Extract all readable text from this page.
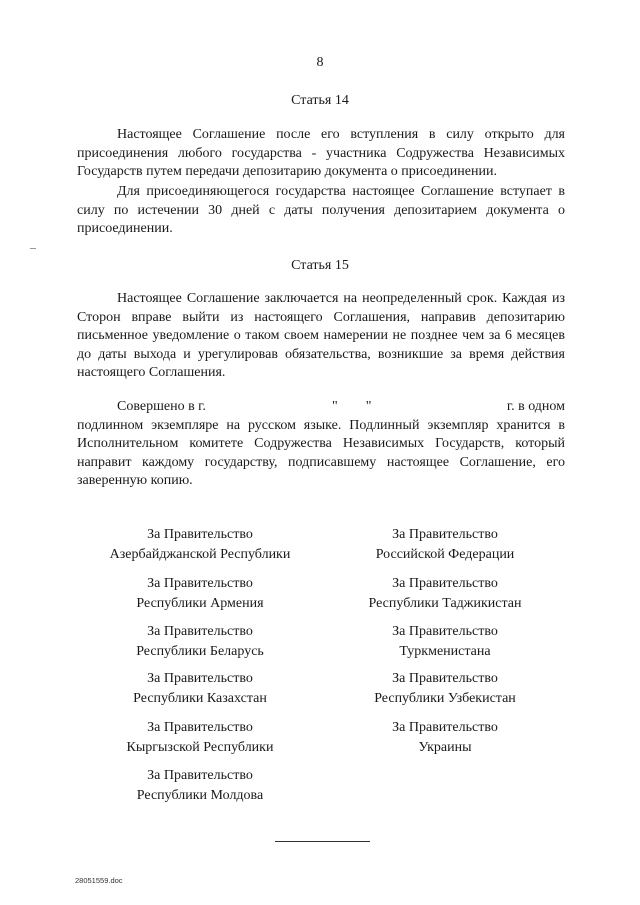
8
Статья 14

Настоящее Соглашение после его вступления в силу открыто для присоединения любого государства - участника Содружества Независимых Государств путем передачи депозитарию документа о присоединении.

Для присоединяющегося государства настоящее Соглашение вступает в силу по истечении 30 дней с даты получения депозитарием документа о присоединении.

Статья 15

Настоящее Соглашение заключается на неопределенный срок. Каждая из Сторон вправе выйти из настоящего Соглашения, направив депозитарию письменное уведомление о таком своем намерении не позднее чем за 6 месяцев до даты выхода и урегулировав обязательства, возникшие за время действия настоящего Соглашения.

Совершено в г.	"        "	г. в одном
подлинном экземпляре на русском языке. Подлинный экземпляр хранится в Исполнительном комитете Содружества Независимых Государств, который направит каждому государству, подписавшему настоящее Соглашение, его заверенную копию.
За Правительство
Азербайджанской Республики
За Правительство
Республики Армения
За Правительство
Республики Беларусь
За Правительство
Республики Казахстан
За Правительство
Кыргызской Республики
За Правительство
Республики Молдова
За Правительство
Российской Федерации
За Правительство
Республики Таджикистан
За Правительство
Туркменистана
За Правительство
Республики Узбекистан
За Правительство
Украины
28051559.doc
